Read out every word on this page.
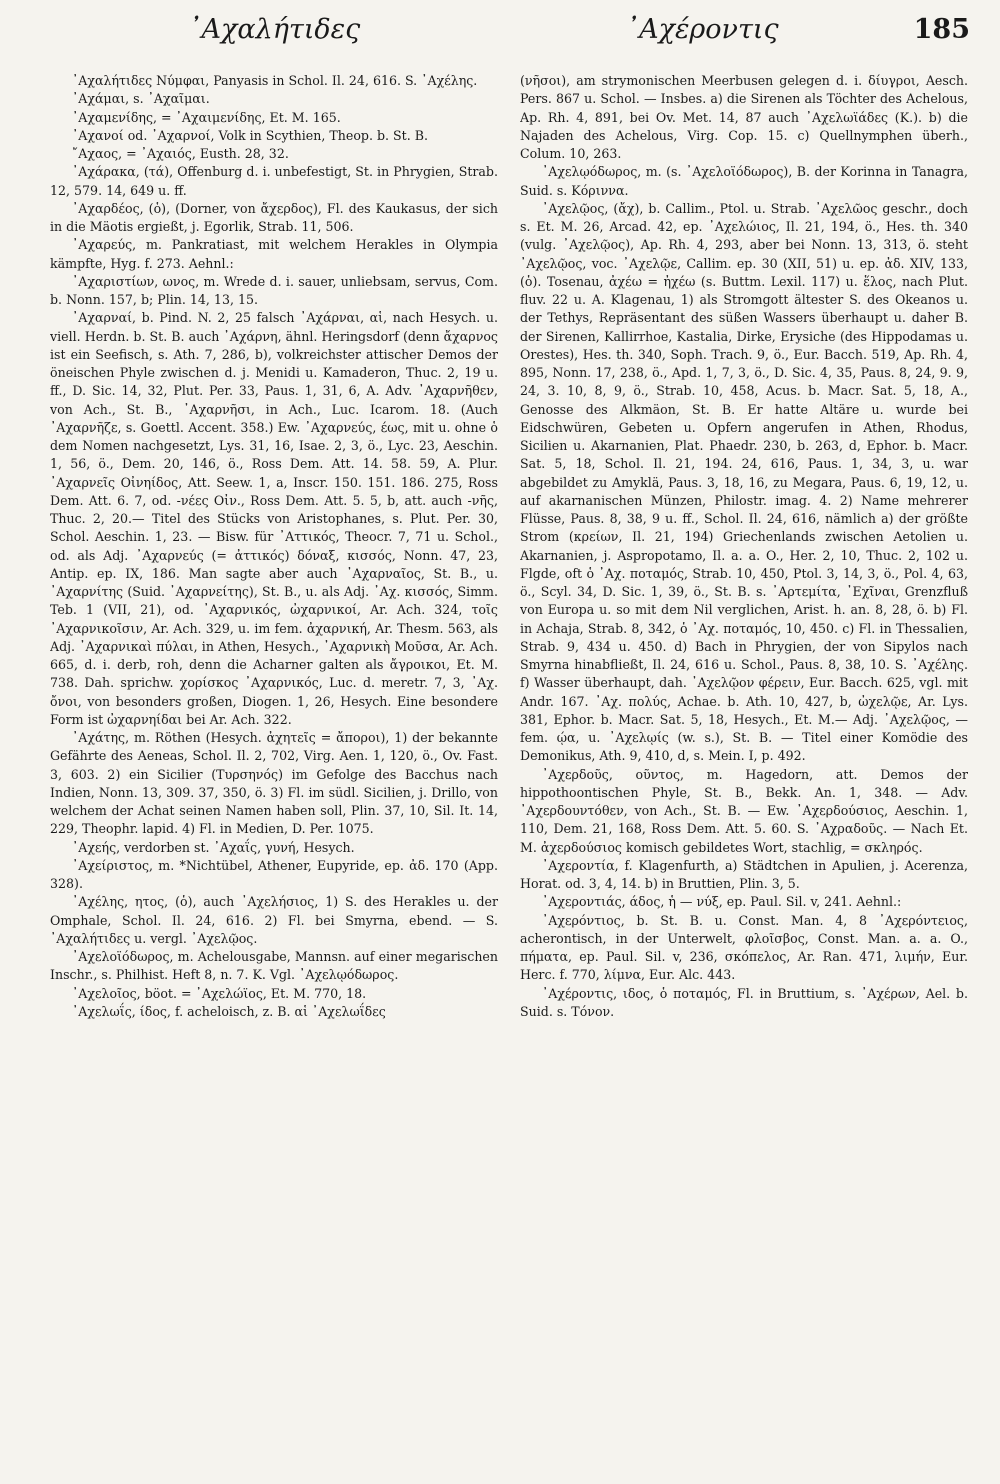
᾿Αχαλήτιδες	᾿Αχέροντις	185

᾿Αχαλήτιδες Νύμφαι, Panyasis in Schol. Il. 24, 616. S. ᾿Αχέλης.

᾿Αχάμαι, s. ᾿Αχαῖμαι.

᾿Αχαμενίδης, = ᾿Αχαιμενίδης, Et. M. 165.

᾿Αχανοί od. ᾿Αχαρνοί, Volk in Scythien, Theop. b. St. B.

῎Αχαος, = ᾿Αχαιός, Eusth. 28, 32.

᾿Αχάρακα, (τά), Offenburg d. i. unbefestigt, St. in Phrygien, Strab. 12, 579. 14, 649 u. ff.

᾿Αχαρδέος, (ὁ), (Dorner, von ἄχερδος), Fl. des Kaukasus, der sich in die Mäotis ergießt, j. Egorlik, Strab. 11, 506.

᾿Αχαρεύς, m. Pankratiast, mit welchem Herakles in Olympia kämpfte, Hyg. f. 273. Aehnl.:

᾿Αχαριστίων, ωνος, m. Wrede d. i. sauer, unliebsam, servus, Com. b. Nonn. 157, b; Plin. 14, 13, 15.

᾿Αχαρναί, b. Pind. N. 2, 25 falsch ᾿Αχάρναι, αἱ, nach Hesych. u. viell. Herdn. b. St. B. auch ᾿Αχάρνη, ähnl. Heringsdorf (denn ἄχαρνος ist ein Seefisch, s. Ath. 7, 286, b), volkreichster attischer Demos der öneischen Phyle zwischen d. j. Menidi u. Kamaderon, Thuc. 2, 19 u. ff., D. Sic. 14, 32, Plut. Per. 33, Paus. 1, 31, 6, A. Adv. ᾿Αχαρνῆθεν, von Ach., St. B., ᾿Αχαρνῆσι, in Ach., Luc. Icarom. 18. (Auch ᾿Αχαρνῆζε, s. Goettl. Accent. 358.) Ew. ᾿Αχαρνεύς, έως, mit u. ohne ὁ dem Nomen nachgesetzt, Lys. 31, 16, Isae. 2, 3, ö., Lyc. 23, Aeschin. 1, 56, ö., Dem. 20, 146, ö., Ross Dem. Att. 14. 58. 59, A. Plur. ᾿Αχαρνεῖς Οἰνηίδος, Att. Seew. 1, a, Inscr. 150. 151. 186. 275, Ross Dem. Att. 6. 7, od. -νέες Οἰν., Ross Dem. Att. 5. 5, b, att. auch -νῆς, Thuc. 2, 20.— Titel des Stücks von Aristophanes, s. Plut. Per. 30, Schol. Aeschin. 1, 23. — Bisw. für ᾿Αττικός, Theocr. 7, 71 u. Schol., od. als Adj. ᾿Αχαρνεύς (= ἀττικός) δόναξ, κισσός, Nonn. 47, 23, Antip. ep. IX, 186. Man sagte aber auch ᾿Αχαρναῖος, St. B., u. ᾿Αχαρνίτης (Suid. ᾿Αχαρνείτης), St. B., u. als Adj. ᾿Αχ. κισσός, Simm. Teb. 1 (VII, 21), od. ᾿Αχαρνικός, ὠχαρνικοί, Ar. Ach. 324, τοῖς ᾿Αχαρνικοῖσιν, Ar. Ach. 329, u. im fem. ἀχαρνική, Ar. Thesm. 563, als Adj. ᾿Αχαρνικαὶ πύλαι, in Athen, Hesych., ᾿Αχαρνικὴ Μοῦσα, Ar. Ach. 665, d. i. derb, roh, denn die Acharner galten als ἄγροικοι, Et. M. 738. Dah. sprichw. χορίσκος ᾿Αχαρνικός, Luc. d. meretr. 7, 3, ᾿Αχ. ὄνοι, von besonders großen, Diogen. 1, 26, Hesych. Eine besondere Form ist ὠχαρνηίδαι bei Ar. Ach. 322.

᾿Αχάτης, m. Röthen (Hesych. ἀχητεῖς = ἄποροι), 1) der bekannte Gefährte des Aeneas, Schol. Il. 2, 702, Virg. Aen. 1, 120, ö., Ov. Fast. 3, 603. 2) ein Sicilier (Τυρσηνός) im Gefolge des Bacchus nach Indien, Nonn. 13, 309. 37, 350, ö. 3) Fl. im südl. Sicilien, j. Drillo, von welchem der Achat seinen Namen haben soll, Plin. 37, 10, Sil. It. 14, 229, Theophr. lapid. 4) Fl. in Medien, D. Per. 1075.

᾿Αχεής, verdorben st. ᾿Αχαΐς, γυνή, Hesych.

᾿Αχείριστος, m. *Nichtübel, Athener, Eupyride, ep. ἀδ. 170 (App. 328).

᾿Αχέλης, ητος, (ὁ), auch ᾿Αχελήσιος, 1) S. des Herakles u. der Omphale, Schol. Il. 24, 616. 2) Fl. bei Smyrna, ebend. — S. ᾿Αχαλήτιδες u. vergl. ᾿Αχελῷος.

᾿Αχελοϊόδωρος, m. Achelousgabe, Mannsn. auf einer megarischen Inschr., s. Philhist. Heft 8, n. 7. K. Vgl. ᾿Αχελῳόδωρος.

᾿Αχελοῖος, böot. = ᾿Αχελώϊος, Et. M. 770, 18.

᾿Αχελωΐς, ίδος, f. acheloisch, z. B. αἱ ᾿Αχελωΐδες

(νῆσοι), am strymonischen Meerbusen gelegen d. i. δίυγροι, Aesch. Pers. 867 u. Schol. — Insbes. a) die Sirenen als Töchter des Achelous, Ap. Rh. 4, 891, bei Ov. Met. 14, 87 auch ᾿Αχελωϊάδες (K.). b) die Najaden des Achelous, Virg. Cop. 15. c) Quellnymphen überh., Colum. 10, 263.

᾿Αχελῳόδωρος, m. (s. ᾿Αχελοϊόδωρος), B. der Korinna in Tanagra, Suid. s. Κόριννα.

᾿Αχελῷος, (ἄχ), b. Callim., Ptol. u. Strab. ᾿Αχελῶος geschr., doch s. Et. M. 26, Arcad. 42, ep. ᾿Αχελώιος, Il. 21, 194, ö., Hes. th. 340 (vulg. ᾿Αχελῷος), Ap. Rh. 4, 293, aber bei Nonn. 13, 313, ö. steht ᾿Αχελῷος, voc. ᾿Αχελῷε, Callim. ep. 30 (XII, 51) u. ep. ἀδ. XIV, 133, (ὁ). Tosenau, ἀχέω = ἠχέω (s. Buttm. Lexil. 117) u. ἕλος, nach Plut. fluv. 22 u. A. Klagenau, 1) als Stromgott ältester S. des Okeanos u. der Tethys, Repräsentant des süßen Wassers überhaupt u. daher B. der Sirenen, Kallirrhoe, Kastalia, Dirke, Erysiche (des Hippodamas u. Orestes), Hes. th. 340, Soph. Trach. 9, ö., Eur. Bacch. 519, Ap. Rh. 4, 895, Nonn. 17, 238, ö., Apd. 1, 7, 3, ö., D. Sic. 4, 35, Paus. 8, 24, 9. 9, 24, 3. 10, 8, 9, ö., Strab. 10, 458, Acus. b. Macr. Sat. 5, 18, A., Genosse des Alkmäon, St. B. Er hatte Altäre u. wurde bei Eidschwüren, Gebeten u. Opfern angerufen in Athen, Rhodus, Sicilien u. Akarnanien, Plat. Phaedr. 230, b. 263, d, Ephor. b. Macr. Sat. 5, 18, Schol. Il. 21, 194. 24, 616, Paus. 1, 34, 3, u. war abgebildet zu Amyklä, Paus. 3, 18, 16, zu Megara, Paus. 6, 19, 12, u. auf akarnanischen Münzen, Philostr. imag. 4. 2) Name mehrerer Flüsse, Paus. 8, 38, 9 u. ff., Schol. Il. 24, 616, nämlich a) der größte Strom (κρείων, Il. 21, 194) Griechenlands zwischen Aetolien u. Akarnanien, j. Aspropotamo, Il. a. a. O., Her. 2, 10, Thuc. 2, 102 u. Flgde, oft ὁ ᾿Αχ. ποταμός, Strab. 10, 450, Ptol. 3, 14, 3, ö., Pol. 4, 63, ö., Scyl. 34, D. Sic. 1, 39, ö., St. B. s. ᾿Αρτεμίτα, ᾿Εχῖναι, Grenzfluß von Europa u. so mit dem Nil verglichen, Arist. h. an. 8, 28, ö. b) Fl. in Achaja, Strab. 8, 342, ὁ ᾿Αχ. ποταμός, 10, 450. c) Fl. in Thessalien, Strab. 9, 434 u. 450. d) Bach in Phrygien, der von Sipylos nach Smyrna hinabfließt, Il. 24, 616 u. Schol., Paus. 8, 38, 10. S. ᾿Αχέλης. f) Wasser überhaupt, dah. ᾿Αχελῷον φέρειν, Eur. Bacch. 625, vgl. mit Andr. 167. ᾿Αχ. πολύς, Achae. b. Ath. 10, 427, b, ὠχελῷε, Ar. Lys. 381, Ephor. b. Macr. Sat. 5, 18, Hesych., Et. M.— Adj. ᾿Αχελῷος, — fem. ῴα, u. ᾿Αχελῳίς (w. s.), St. B. — Titel einer Komödie des Demonikus, Ath. 9, 410, d, s. Mein. I, p. 492.

᾿Αχερδοῦς, οῦντος, m. Hagedorn, att. Demos der hippothoontischen Phyle, St. B., Bekk. An. 1, 348. — Adv. ᾿Αχερδουντόθεν, von Ach., St. B. — Ew. ᾿Αχερδούσιος, Aeschin. 1, 110, Dem. 21, 168, Ross Dem. Att. 5. 60. S. ᾿Αχραδοῦς. — Nach Et. M. ἀχερδούσιος komisch gebildetes Wort, stachlig, = σκληρός.

᾿Αχεροντία, f. Klagenfurth, a) Städtchen in Apulien, j. Acerenza, Horat. od. 3, 4, 14. b) in Bruttien, Plin. 3, 5.

᾿Αχεροντιάς, άδος, ἡ — νύξ, ep. Paul. Sil. v, 241. Aehnl.:

᾿Αχερόντιος, b. St. B. u. Const. Man. 4, 8 ᾿Αχερόντειος, acherontisch, in der Unterwelt, φλοῖσβος, Const. Man. a. a. O., πήματα, ep. Paul. Sil. v, 236, σκόπελος, Ar. Ran. 471, λιμήν, Eur. Herc. f. 770, λίμνα, Eur. Alc. 443.

᾿Αχέροντις, ιδος, ὁ ποταμός, Fl. in Bruttium, s. ᾿Αχέρων, Ael. b. Suid. s. Τόνον.
